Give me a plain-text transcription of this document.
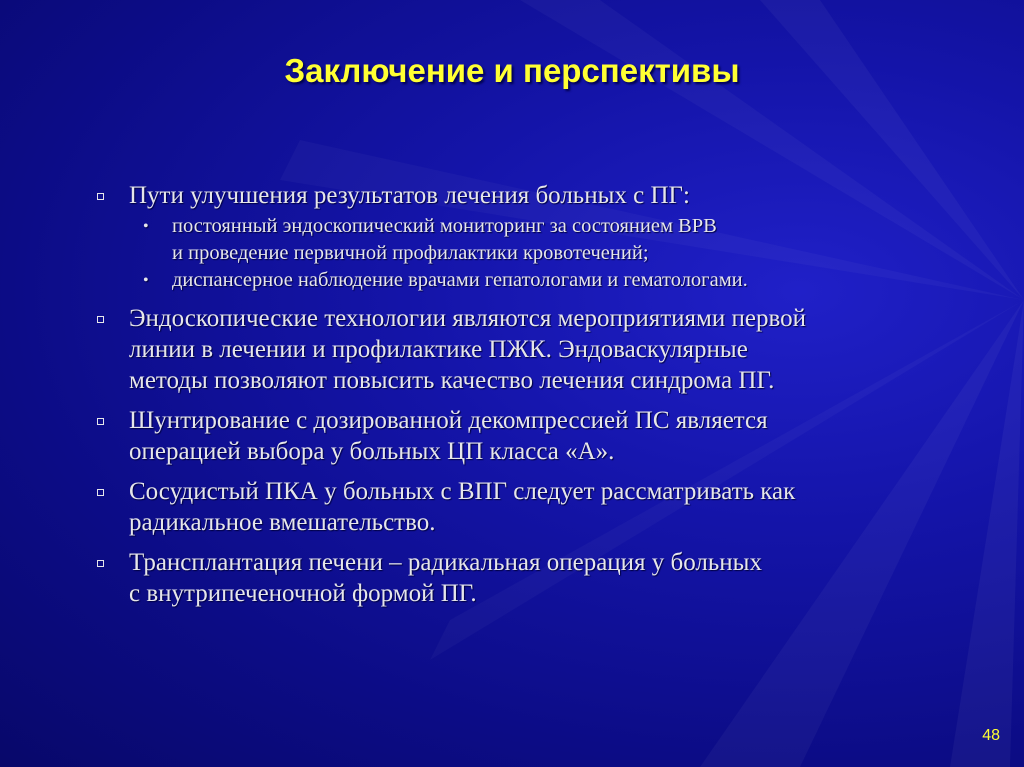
Заключение и перспективы
Пути улучшения результатов лечения больных с ПГ:
• постоянный эндоскопический мониторинг за состоянием ВРВ
и проведение первичной профилактики кровотечений;
• диспансерное наблюдение врачами гепатологами и гематологами.
Эндоскопические технологии являются мероприятиями первой
линии в лечении и профилактике ПЖК. Эндоваскулярные
методы позволяют повысить качество лечения синдрома ПГ.
Шунтирование с дозированной декомпрессией ПС является
операцией выбора у больных ЦП класса «А».
Сосудистый ПКА у больных с ВПГ следует рассматривать как
радикальное вмешательство.
Трансплантация печени – радикальная операция у больных
с внутрипеченочной формой ПГ.
48
